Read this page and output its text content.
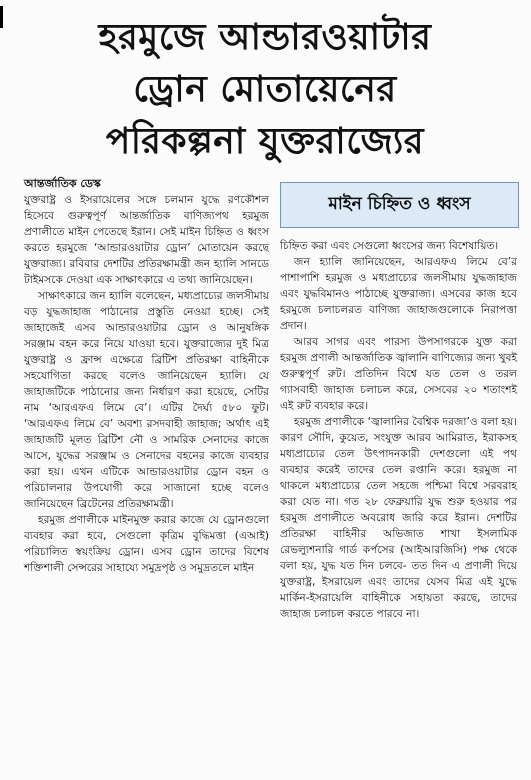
হরমুজে আন্ডারওয়াটার
ড্রোন মোতায়েনের
পরিকল্পনা যুক্তরাজ্যের
আন্তর্জাতিক ডেস্ক

যুক্তরাষ্ট্র ও ইসরায়েলের সঙ্গে চলমান যুদ্ধে রণকৌশল হিসেবে গুরুত্বপূর্ণ আন্তর্জাতিক বাণিজ্যপথ হরমুজ প্রণালীতে মাইন পেতেছে ইরান। সেই মাইন চিহ্নিত ও ধ্বংস করতে হরমুজে ‘আন্ডারওয়াটার ড্রোন’ মোতায়েন করছে যুক্তরাজ্য। রবিবার দেশটির প্রতিরক্ষামন্ত্রী জন হ্যালি সানডে টাইমসকে দেওয়া এক সাক্ষাৎকারে এ তথ্য জানিয়েছেন।

সাক্ষাৎকারে জন হ্যালি বলেছেন, মধ্যপ্রাচ্যের জলসীমায় বড় যুদ্ধজাহাজ পাঠানোর প্রস্তুতি নেওয়া হচ্ছে। সেই জাহাজেই এসব আন্ডারওয়াটার ড্রোন ও আনুষঙ্গিক সরঞ্জাম বহন করে নিয়ে যাওয়া হবে। যুক্তরাজ্যের দুই মিত্র যুক্তরাষ্ট্র ও ফ্রান্স এক্ষেত্রে ব্রিটিশ প্রতিরক্ষা বাহিনীকে সহযোগিতা করছে বলেও জানিয়েছেন হ্যালি। যে জাহাজটিকে পাঠানোর জন্য নির্ধারণ করা হয়েছে, সেটির নাম ‘আরএফএ লিমে বে’। এটির দৈর্ঘ্য ৫৮০ ফুট। ‘আরএফএ লিমে বে’ অবশ্য রসদবাহী জাহাজ; অর্থাৎ এই জাহাজটি মূলত ব্রিটিশ নৌ ও সামরিক সেনাদের কাজে আসে, যুদ্ধের সরঞ্জাম ও সেনাদের বহনের কাজে ব্যবহার করা হয়। এখন এটিকে আন্ডারওয়াটার ড্রোন বহন ও পরিচালনার উপযোগী করে সাজানো হচ্ছে বলেও জানিয়েছেন ব্রিটেনের প্রতিরক্ষামন্ত্রী।

হরমুজ প্রণালীকে মাইনমুক্ত করার কাজে যে ড্রোনগুলো ব্যবহার করা হবে, সেগুলো কৃত্রিম বুদ্ধিমত্তা (এআই) পরিচালিত স্বয়ংক্রিয় ড্রোন। এসব ড্রোন তাদের বিশেষ শক্তিশালী সেন্সরের সাহায্যে সমুদ্রপৃষ্ঠ ও সমুদ্রতলে মাইন

মাইন চিহ্নিত ও ধ্বংস

চিহ্নিত করা এবং সেগুলো ধ্বংসের জন্য বিশেষায়িত।

জন হ্যালি জানিয়েছেন, আরএফএ লিমে বে’র পাশাপাশি হরমুজ ও মধ্যপ্রাচ্যের জলসীমায় যুদ্ধজাহাজ এবং যুদ্ধবিমানও পাঠাচ্ছে যুক্তরাজ্য। এসবের কাজ হবে হরমুজে চলাচলরত বাণিজ্য জাহাজগুলোকে নিরাপত্তা প্রদান।

আরব সাগর এবং পারস্য উপসাগরকে যুক্ত করা হরমুজ প্রণালী আন্তর্জাতিক জ্বালানি বাণিজ্যের জন্য খুবই গুরুত্বপূর্ণ রুট। প্রতিদিন বিশ্বে যত তেল ও তরল গ্যাসবাহী জাহাজ চলাচল করে, সেসবের ২০ শতাংশই এই রুট ব্যবহার করে।

হরমুজ প্রণালীকে ‘জ্বালানির বৈশ্বিক দরজা’ও বলা হয়। কারণ সৌদি, কুয়েত, সংযুক্ত আরব আমিরাত, ইরাকসহ মধ্যপ্রাচ্যের তেল উৎপাদনকারী দেশগুলো এই পথ ব্যবহার করেই তাদের তেল রপ্তানি করে। হরমুজ না থাকলে মধ্যপ্রাচ্যের তেল সহজে পশ্চিমা বিশ্বে সরবরাহ করা যেত না। গত ২৮ ফেব্রুয়ারি যুদ্ধ শুরু হওয়ার পর হরমুজ প্রণালীতে অবরোধ জারি করে ইরান। দেশটির প্রতিরক্ষা বাহিনীর অভিজাত শাখা ইসলামিক রেভল্যুশনারি গার্ড কর্পসের (আইআরজিসি) পক্ষ থেকে বলা হয়, যুদ্ধ যত দিন চলবে- তত দিন এ প্রণালী দিয়ে যুক্তরাষ্ট্র, ইসরায়েল এবং তাদের যেসব মিত্র এই যুদ্ধে মার্কিন-ইসরায়েলি বাহিনীকে সহায়তা করছে, তাদের জাহাজ চলাচল করতে পারবে না।
